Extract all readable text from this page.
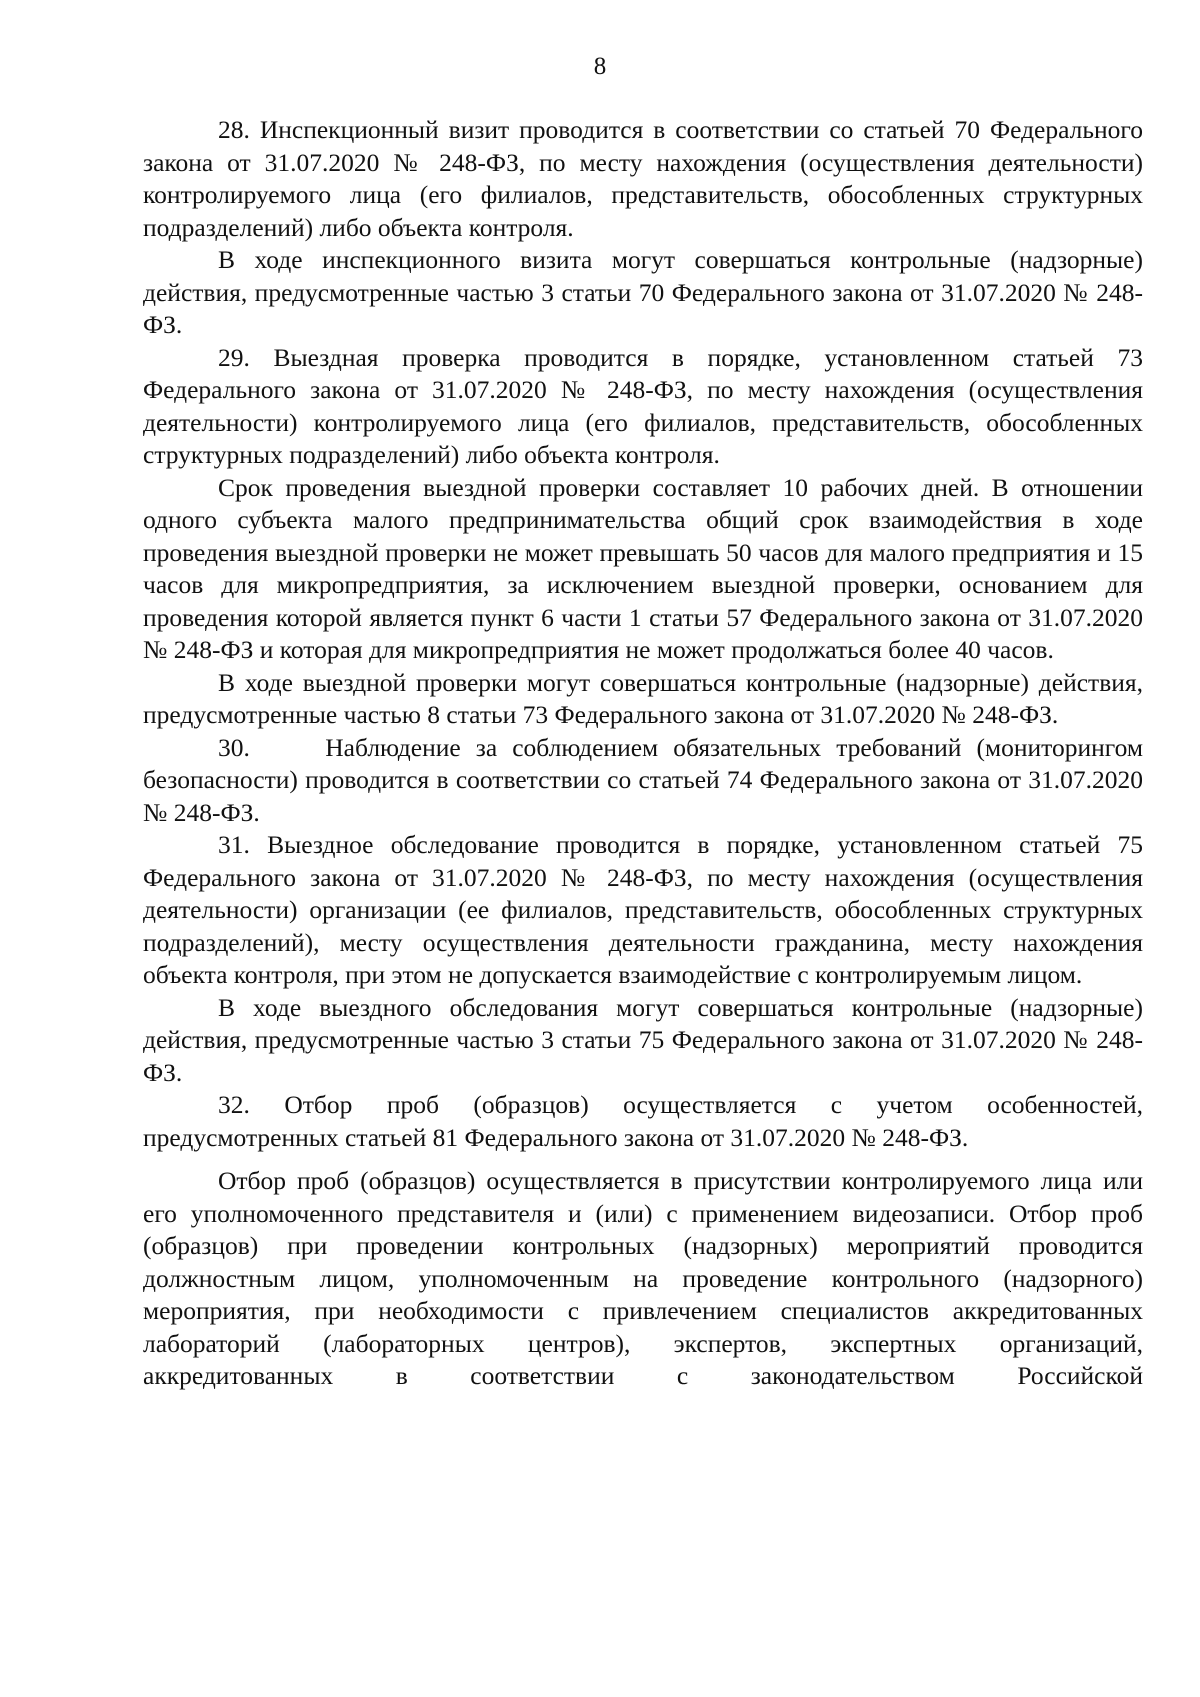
8

28. Инспекционный визит проводится в соответствии со статьей 70 Федерального закона от 31.07.2020 № 248-ФЗ, по месту нахождения (осуществления деятельности) контролируемого лица (его филиалов, представительств, обособленных структурных подразделений) либо объекта контроля.

В ходе инспекционного визита могут совершаться контрольные (надзорные) действия, предусмотренные частью 3 статьи 70 Федерального закона от 31.07.2020 № 248-ФЗ.

29. Выездная проверка проводится в порядке, установленном статьей 73 Федерального закона от 31.07.2020 № 248-ФЗ, по месту нахождения (осуществления деятельности) контролируемого лица (его филиалов, представительств, обособленных структурных подразделений) либо объекта контроля.

Срок проведения выездной проверки составляет 10 рабочих дней. В отношении одного субъекта малого предпринимательства общий срок взаимодействия в ходе проведения выездной проверки не может превышать 50 часов для малого предприятия и 15 часов для микропредприятия, за исключением выездной проверки, основанием для проведения которой является пункт 6 части 1 статьи 57 Федерального закона от 31.07.2020 № 248-ФЗ и которая для микропредприятия не может продолжаться более 40 часов.

В ходе выездной проверки могут совершаться контрольные (надзорные) действия, предусмотренные частью 8 статьи 73 Федерального закона от 31.07.2020 № 248-ФЗ.

30.     Наблюдение за соблюдением обязательных требований (мониторингом безопасности) проводится в соответствии со статьей 74 Федерального закона от 31.07.2020 № 248-ФЗ.

31. Выездное обследование проводится в порядке, установленном статьей 75 Федерального закона от 31.07.2020 № 248-ФЗ, по месту нахождения (осуществления деятельности) организации (ее филиалов, представительств, обособленных структурных подразделений), месту осуществления деятельности гражданина, месту нахождения объекта контроля, при этом не допускается взаимодействие с контролируемым лицом.

В ходе выездного обследования могут совершаться контрольные (надзорные) действия, предусмотренные частью 3 статьи 75 Федерального закона от 31.07.2020 № 248-ФЗ.

32. Отбор проб (образцов) осуществляется с учетом особенностей, предусмотренных статьей 81 Федерального закона от 31.07.2020 № 248-ФЗ.

Отбор проб (образцов) осуществляется в присутствии контролируемого лица или его уполномоченного представителя и (или) с применением видеозаписи. Отбор проб (образцов) при проведении контрольных (надзорных) мероприятий проводится должностным лицом, уполномоченным на проведение контрольного (надзорного) мероприятия, при необходимости с привлечением специалистов аккредитованных лабораторий (лабораторных центров), экспертов, экспертных организаций, аккредитованных в соответствии с законодательством Российской
